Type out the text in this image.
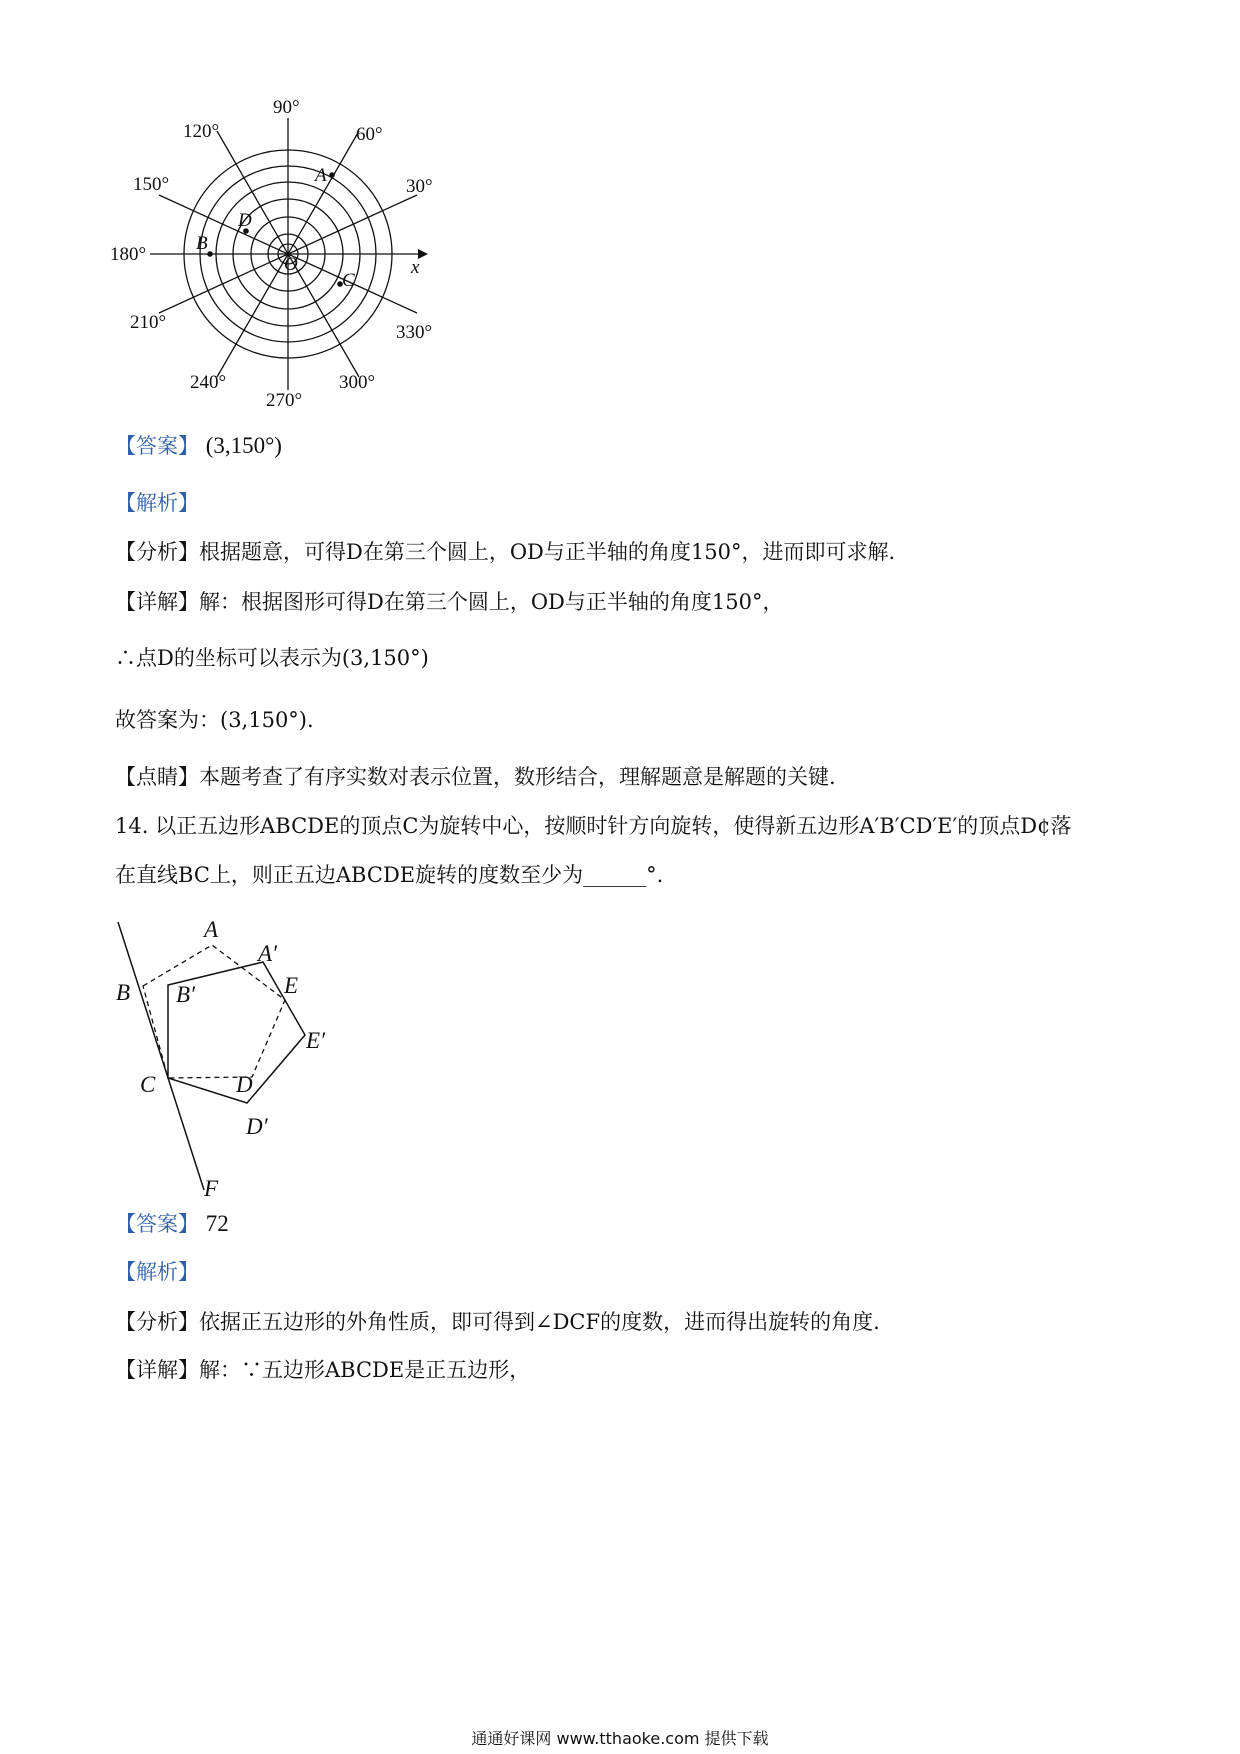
90°
60°
30°
120°
150°
180°
210°
240°
270°
300°
330°
A
B
C
D
O	x
【答案】 (3,150°)
【解析】
【分析】根据题意，可得D在第三个圆上，OD与正半轴的角度150°，进而即可求解.
【详解】解：根据图形可得D在第三个圆上，OD与正半轴的角度150°，
∴点D的坐标可以表示为(3,150°)
故答案为：(3,150°).
【点睛】本题考查了有序实数对表示位置，数形结合，理解题意是解题的关键.
14. 以正五边形ABCDE的顶点C为旋转中心，按顺时针方向旋转，使得新五边形A′B′CD′E′的顶点D¢落
在直线BC上，则正五边ABCDE旋转的度数至少为______°.
A
A′
B B′
C	D
D′
E
E′
F
【答案】 72
【解析】
【分析】依据正五边形的外角性质，即可得到∠DCF的度数，进而得出旋转的角度.
【详解】解：∵五边形ABCDE是正五边形，
通通好课网 www.tthaoke.com 提供下载
